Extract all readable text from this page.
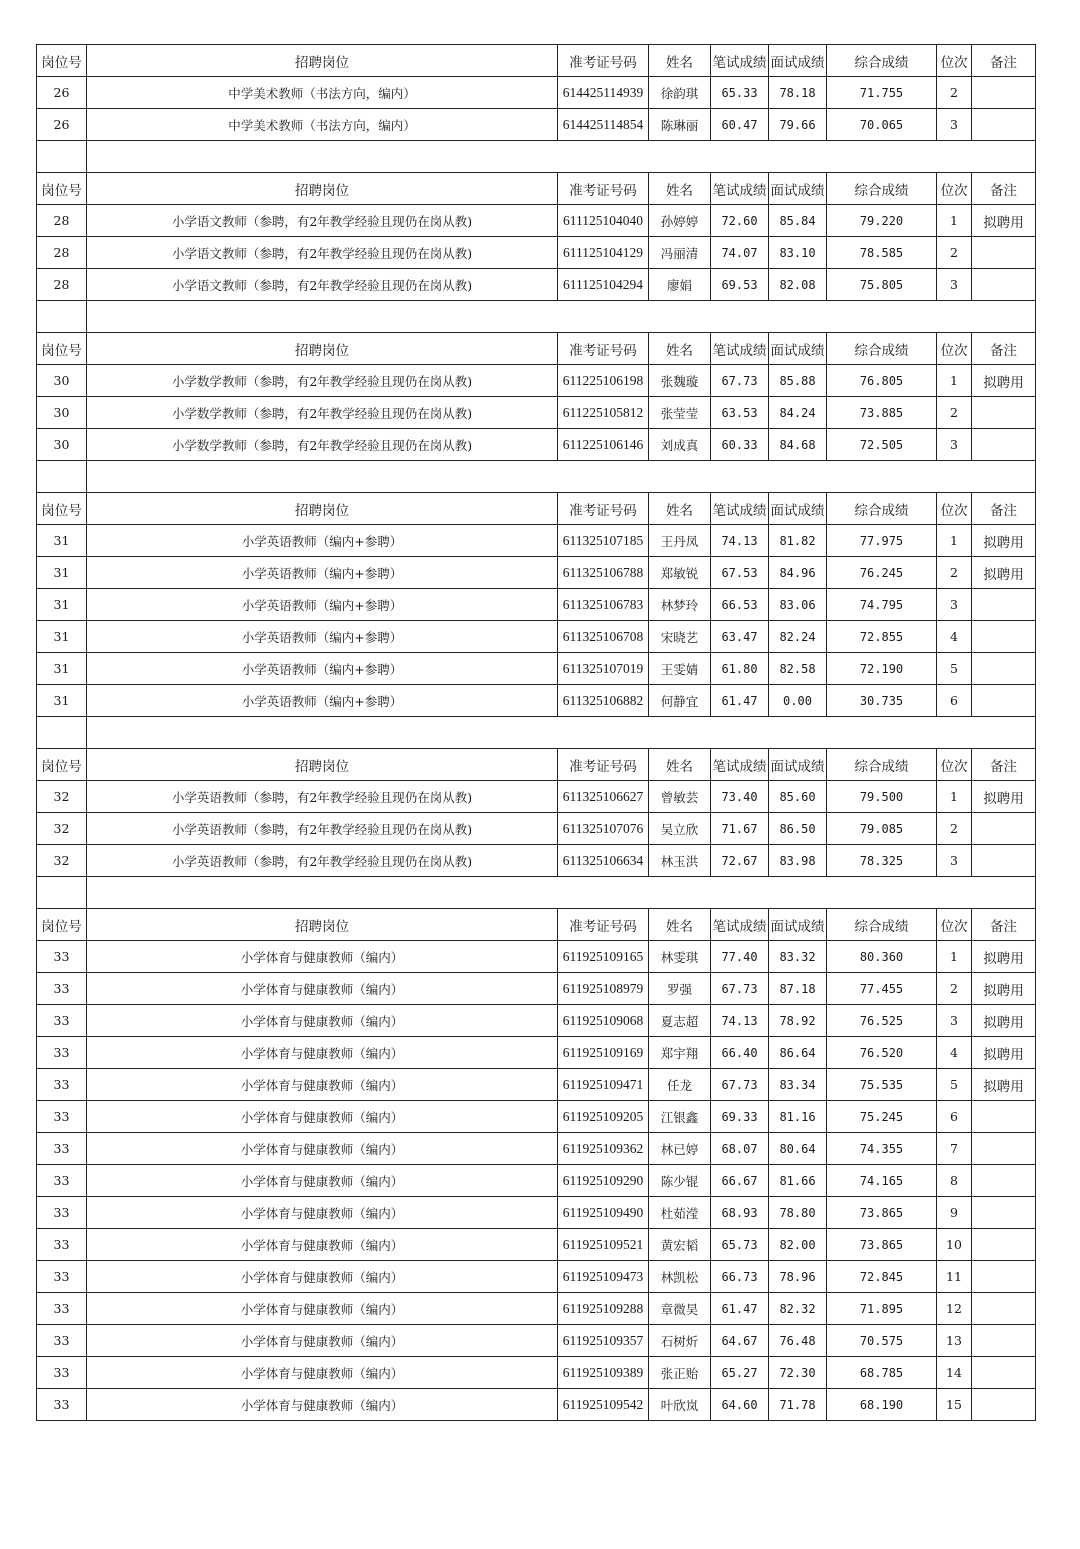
岗位号	招聘岗位	准考证号码	姓名	笔试成绩	面试成绩	综合成绩	位次	备注
26	中学美术教师（书法方向，编内）	614425114939	徐韵琪	65.33	78.18	71.755	2	
26	中学美术教师（书法方向，编内）	614425114854	陈琳丽	60.47	79.66	70.065	3	

岗位号	招聘岗位	准考证号码	姓名	笔试成绩	面试成绩	综合成绩	位次	备注
28	小学语文教师（参聘，有2年教学经验且现仍在岗从教)	611125104040	孙婷婷	72.60	85.84	79.220	1	拟聘用
28	小学语文教师（参聘，有2年教学经验且现仍在岗从教)	611125104129	冯丽清	74.07	83.10	78.585	2	
28	小学语文教师（参聘，有2年教学经验且现仍在岗从教)	611125104294	廖娟	69.53	82.08	75.805	3	

岗位号	招聘岗位	准考证号码	姓名	笔试成绩	面试成绩	综合成绩	位次	备注
30	小学数学教师（参聘，有2年教学经验且现仍在岗从教)	611225106198	张魏璇	67.73	85.88	76.805	1	拟聘用
30	小学数学教师（参聘，有2年教学经验且现仍在岗从教)	611225105812	张莹莹	63.53	84.24	73.885	2	
30	小学数学教师（参聘，有2年教学经验且现仍在岗从教)	611225106146	刘成真	60.33	84.68	72.505	3	

岗位号	招聘岗位	准考证号码	姓名	笔试成绩	面试成绩	综合成绩	位次	备注
31	小学英语教师（编内+参聘）	611325107185	王丹凤	74.13	81.82	77.975	1	拟聘用
31	小学英语教师（编内+参聘）	611325106788	郑敏锐	67.53	84.96	76.245	2	拟聘用
31	小学英语教师（编内+参聘）	611325106783	林梦玲	66.53	83.06	74.795	3	
31	小学英语教师（编内+参聘）	611325106708	宋晓艺	63.47	82.24	72.855	4	
31	小学英语教师（编内+参聘）	611325107019	王雯婧	61.80	82.58	72.190	5	
31	小学英语教师（编内+参聘）	611325106882	何静宜	61.47	0.00	30.735	6	

岗位号	招聘岗位	准考证号码	姓名	笔试成绩	面试成绩	综合成绩	位次	备注
32	小学英语教师（参聘，有2年教学经验且现仍在岗从教)	611325106627	曾敏芸	73.40	85.60	79.500	1	拟聘用
32	小学英语教师（参聘，有2年教学经验且现仍在岗从教)	611325107076	吴立欣	71.67	86.50	79.085	2	
32	小学英语教师（参聘，有2年教学经验且现仍在岗从教)	611325106634	林玉洪	72.67	83.98	78.325	3	

岗位号	招聘岗位	准考证号码	姓名	笔试成绩	面试成绩	综合成绩	位次	备注
33	小学体育与健康教师（编内）	611925109165	林雯琪	77.40	83.32	80.360	1	拟聘用
33	小学体育与健康教师（编内）	611925108979	罗强	67.73	87.18	77.455	2	拟聘用
33	小学体育与健康教师（编内）	611925109068	夏志超	74.13	78.92	76.525	3	拟聘用
33	小学体育与健康教师（编内）	611925109169	郑宇翔	66.40	86.64	76.520	4	拟聘用
33	小学体育与健康教师（编内）	611925109471	任龙	67.73	83.34	75.535	5	拟聘用
33	小学体育与健康教师（编内）	611925109205	江银鑫	69.33	81.16	75.245	6	
33	小学体育与健康教师（编内）	611925109362	林已婷	68.07	80.64	74.355	7	
33	小学体育与健康教师（编内）	611925109290	陈少锟	66.67	81.66	74.165	8	
33	小学体育与健康教师（编内）	611925109490	杜茹滢	68.93	78.80	73.865	9	
33	小学体育与健康教师（编内）	611925109521	黄宏韬	65.73	82.00	73.865	10	
33	小学体育与健康教师（编内）	611925109473	林凯松	66.73	78.96	72.845	11	
33	小学体育与健康教师（编内）	611925109288	章微昊	61.47	82.32	71.895	12	
33	小学体育与健康教师（编内）	611925109357	石树炘	64.67	76.48	70.575	13	
33	小学体育与健康教师（编内）	611925109389	张正贻	65.27	72.30	68.785	14	
33	小学体育与健康教师（编内）	611925109542	叶欣岚	64.60	71.78	68.190	15	
